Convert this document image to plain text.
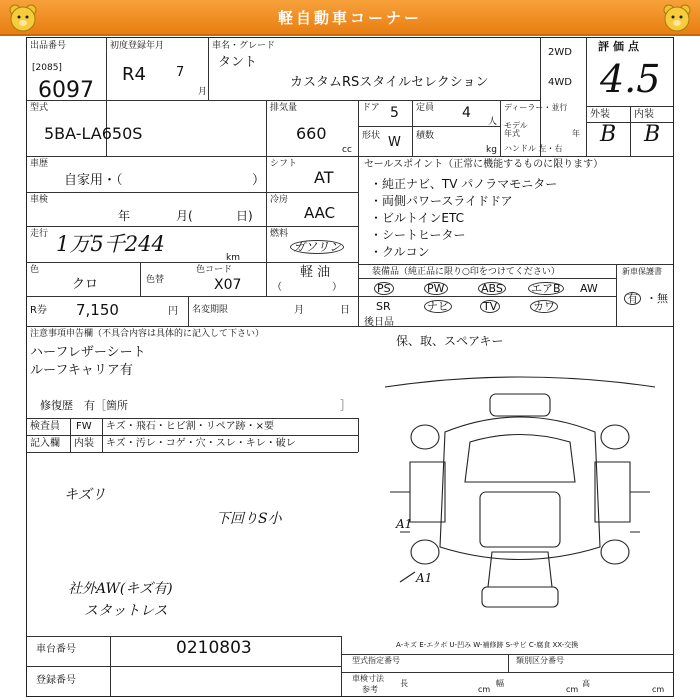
軽自動車コーナー
出品番号
[2085]
6097
初度登録年月
R4 7
月
車名・グレード
タント
カスタムRSスタイルセレクション
2WD
4WD
評価点
4.5
外装 内装
B B
型式
5BA-LA650S
排気量
660
cc
ドア 5
形状 W
定員 4
人
積数
kg
ディーラー・並行
モデル年式	年
ハンドル 左・右
車歴
自家用・（	）
シフト
AT
車検
年	月(	日)
冷房
AAC
走行 1万5千244
km
燃料
ガソリン
軽 油
（　　　　　）
色
クロ	色替
色コード
X07
R券 7,150	円 名変期限	月	日
セールスポイント（正常に機能するものに限ります）
・純正ナビ、TV パノラマモニター
・両側パワースライドドア
・ビルトインETC
・シートヒーター
・クルコン
装備品（純正品に限り○印をつけてください）
PS	PW	ABS	エアB AW
SR	ナビ	TV	カワ
新車保護書
有 ・無
注意事項申告欄（不具合内容は具体的に記入して下さい）
ハーフレザーシート
ルーフキャリア有
修復歴　有［箇所	］
後日品
保、取、スペアキー
検査員
記入欄
FW キズ・飛石・ヒビ割・リペア跡・×要
内装 キズ・汚レ・コゲ・穴・スレ・キレ・破レ
キズリ
下回りS小
社外AW(キズ有)
スタットレス
A1
A1
A-キズ E-エクボ U-凹み W-補修跡 S-サビ C-腐食 XX-交換
車台番号	0210803
登録番号
型式指定番号	類別区分番号
車検寸法
参考
長
cm
幅
cm
高
cm
